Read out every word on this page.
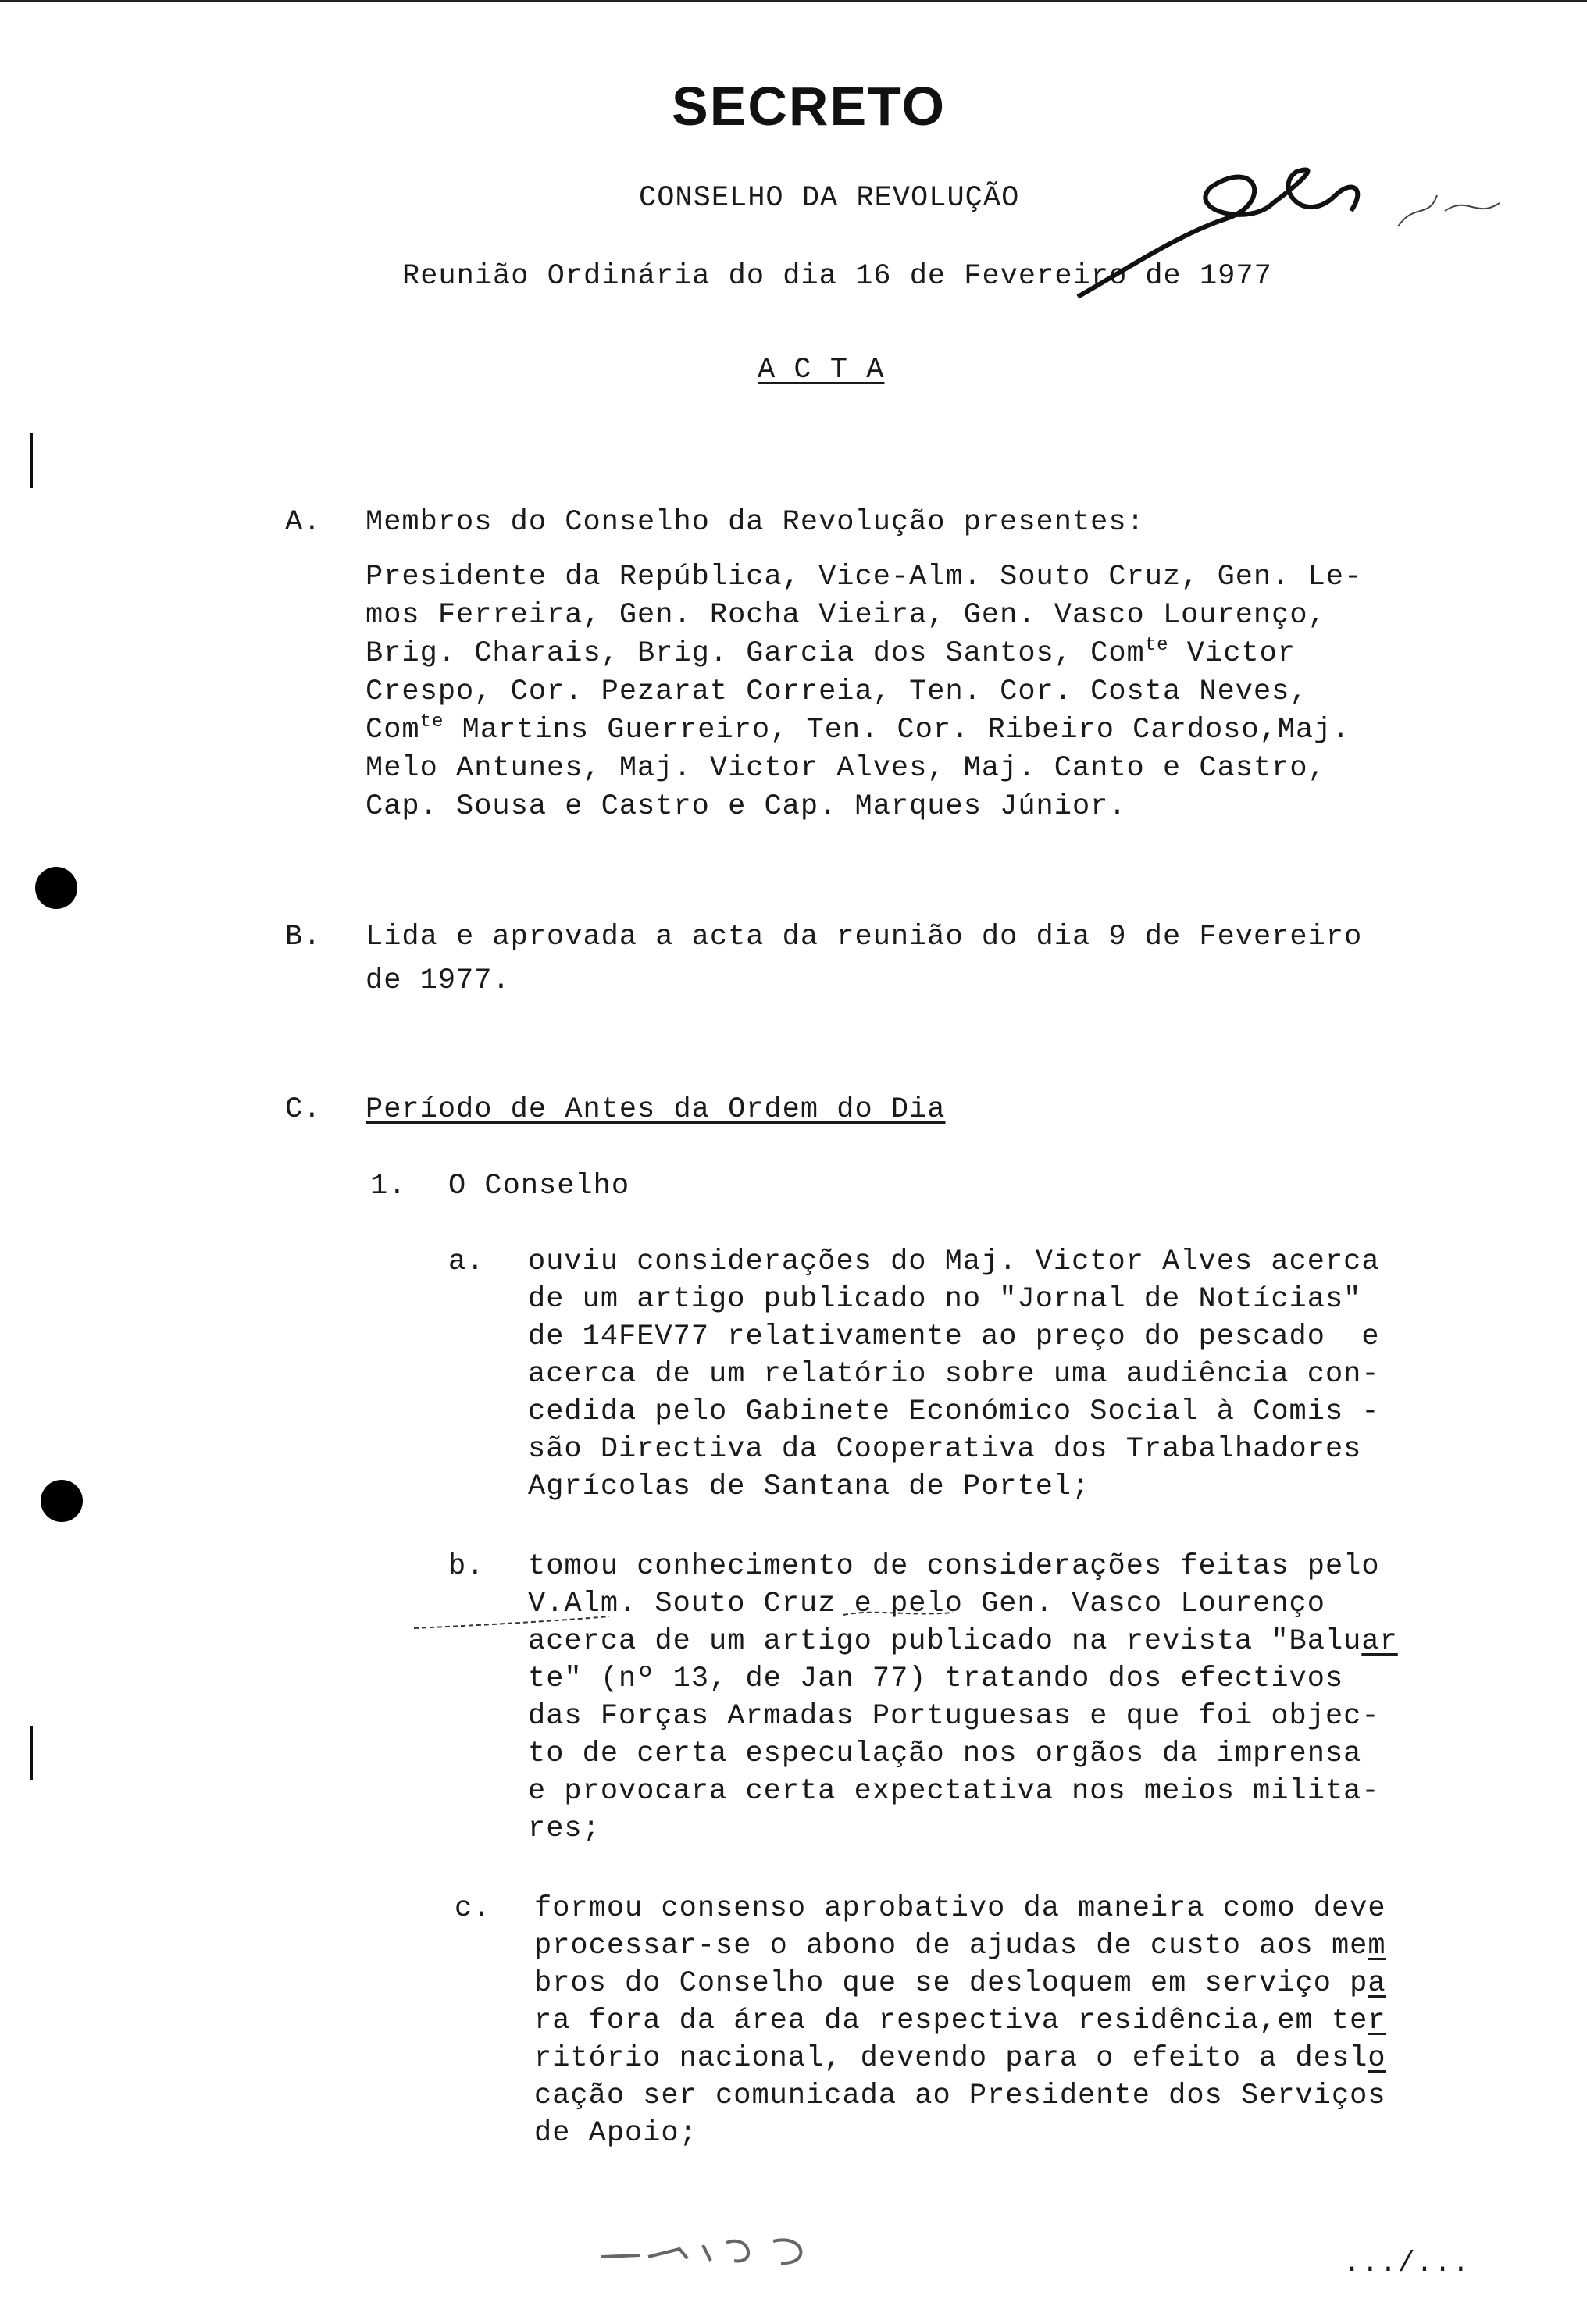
SECRETO
CONSELHO DA REVOLUÇÃO
Reunião Ordinária do dia 16 de Fevereiro de 1977
A C T A
A. Membros do Conselho da Revolução presentes:
Presidente da República, Vice-Alm. Souto Cruz, Gen. Le-
mos Ferreira, Gen. Rocha Vieira, Gen. Vasco Lourenço,
Brig. Charais, Brig. Garcia dos Santos, Com$^{te}$ Victor
Crespo, Cor. Pezarat Correia, Ten. Cor. Costa Neves,
Com$^{te}$ Martins Guerreiro, Ten. Cor. Ribeiro Cardoso,Maj.
Melo Antunes, Maj. Victor Alves, Maj. Canto e Castro,
Cap. Sousa e Castro e Cap. Marques Júnior.
B. Lida e aprovada a acta da reunião do dia 9 de Fevereiro
de 1977.
C. Período de Antes da Ordem do Dia
1. O Conselho
a. ouviu considerações do Maj. Victor Alves acerca
de um artigo publicado no "Jornal de Notícias"
de 14FEV77 relativamente ao preço do pescado  e
acerca de um relatório sobre uma audiência con-
cedida pelo Gabinete Económico Social à Comis -
são Directiva da Cooperativa dos Trabalhadores
Agrícolas de Santana de Portel;
b. tomou conhecimento de considerações feitas pelo
V.Alm. Souto Cruz e pelo Gen. Vasco Lourenço
acerca de um artigo publicado na revista "Baluar
te" (nº 13, de Jan 77) tratando dos efectivos
das Forças Armadas Portuguesas e que foi objec-
to de certa especulação nos orgãos da imprensa
e provocara certa expectativa nos meios milita-
res;
c. formou consenso aprobativo da maneira como deve
processar-se o abono de ajudas de custo aos mem
bros do Conselho que se desloquem em serviço pa
ra fora da área da respectiva residência,em ter
ritório nacional, devendo para o efeito a deslo
cação ser comunicada ao Presidente dos Serviços
de Apoio;
.../...
